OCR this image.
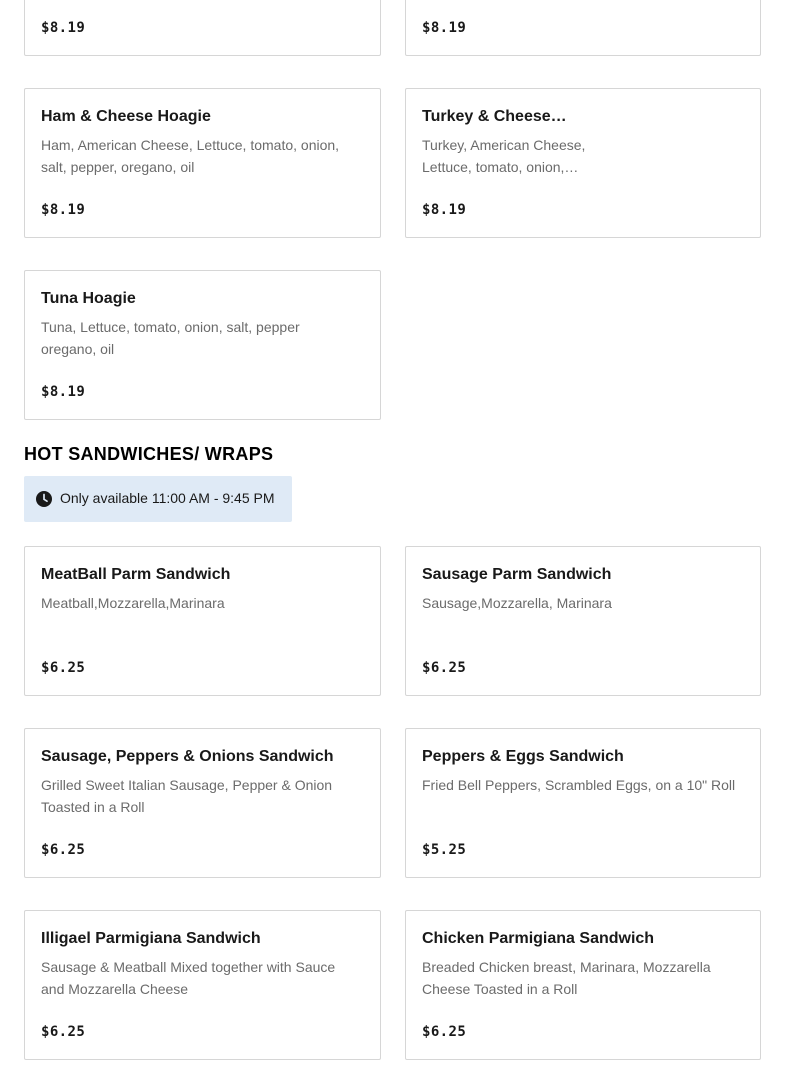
$8.19	$8.19
Ham & Cheese Hoagie
Ham, American Cheese, Lettuce, tomato, onion,
salt, pepper, oregano, oil
$8.19
Turkey & Cheese…
Turkey, American Cheese,
Lettuce, tomato, onion,…
$8.19
Tuna Hoagie
Tuna, Lettuce, tomato, onion, salt, pepper
oregano, oil
$8.19
HOT SANDWICHES/ WRAPS
Only available 11:00 AM - 9:45 PM
MeatBall Parm Sandwich
Meatball,Mozzarella,Marinara
$6.25
Sausage Parm Sandwich
Sausage,Mozzarella, Marinara
$6.25
Sausage, Peppers & Onions Sandwich
Grilled Sweet Italian Sausage, Pepper & Onion
Toasted in a Roll
$6.25
Peppers & Eggs Sandwich
Fried Bell Peppers, Scrambled Eggs, on a 10" Roll
$5.25
Illigael Parmigiana Sandwich
Sausage & Meatball Mixed together with Sauce
and Mozzarella Cheese
$6.25
Chicken Parmigiana Sandwich
Breaded Chicken breast, Marinara, Mozzarella
Cheese Toasted in a Roll
$6.25
